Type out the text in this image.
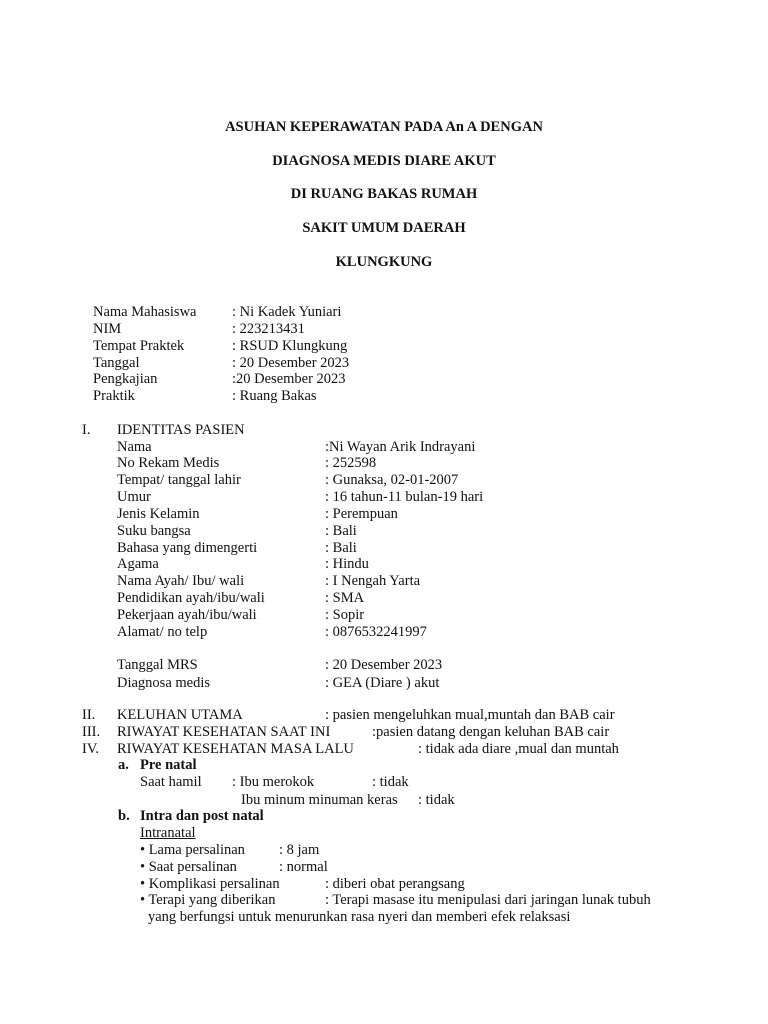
ASUHAN KEPERAWATAN PADA An A DENGAN
DIAGNOSA MEDIS DIARE AKUT
DI RUANG BAKAS RUMAH
SAKIT UMUM DAERAH
KLUNGKUNG
Nama Mahasiswa : Ni Kadek Yuniari
NIM	: 223213431
Tempat Praktek	: RSUD Klungkung
Tanggal	: 20 Desember 2023
Pengkajian	:20 Desember 2023
Praktik	: Ruang Bakas
I. IDENTITAS PASIEN
Nama	:Ni Wayan Arik Indrayani
No Rekam Medis	: 252598
Tempat/ tanggal lahir	: Gunaksa, 02-01-2007
Umur	: 16 tahun-11 bulan-19 hari
Jenis Kelamin	: Perempuan
Suku bangsa	: Bali
Bahasa yang dimengerti	: Bali
Agama	: Hindu
Nama Ayah/ Ibu/ wali	: I Nengah Yarta
Pendidikan ayah/ibu/wali	: SMA
Pekerjaan ayah/ibu/wali	: Sopir
Alamat/ no telp	: 0876532241997
Tanggal MRS	: 20 Desember 2023
Diagnosa medis	: GEA (Diare ) akut
II. KELUHAN UTAMA	: pasien mengeluhkan mual,muntah dan BAB cair
III. RIWAYAT KESEHATAN SAAT INI	:pasien datang dengan keluhan BAB cair
IV. RIWAYAT KESEHATAN MASA LALU	: tidak ada diare ,mual dan muntah
a. Pre natal
Saat hamil : Ibu merokok	: tidak
Ibu minum minuman keras : tidak
b. Intra dan post natal
Intranatal
• Lama persalinan : 8 jam
• Saat persalinan	: normal
• Komplikasi persalinan	: diberi obat perangsang
• Terapi yang diberikan	: Terapi masase itu menipulasi dari jaringan lunak tubuh
yang berfungsi untuk menurunkan rasa nyeri dan memberi efek relaksasi
